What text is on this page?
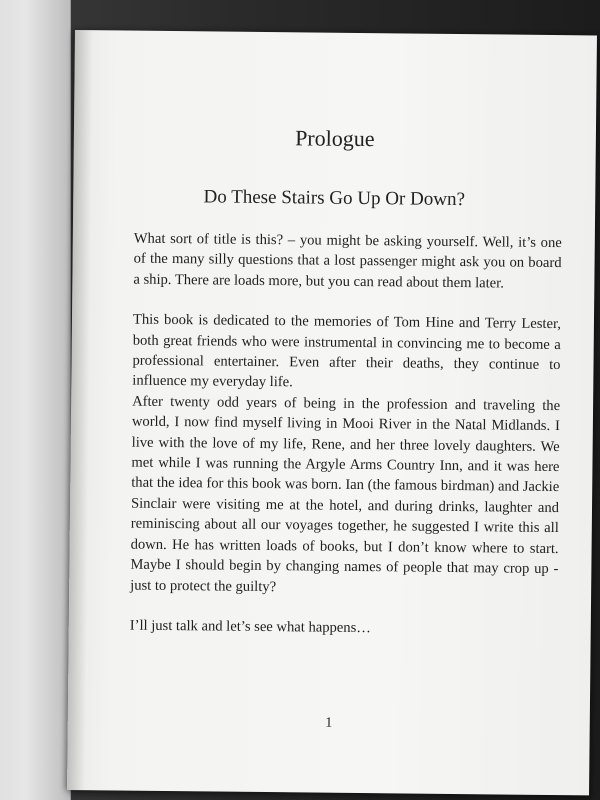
Prologue
Do These Stairs Go Up Or Down?

What sort of title is this? – you might be asking yourself. Well, it’s one of the many silly questions that a lost passenger might ask you on board a ship. There are loads more, but you can read about them later.

This book is dedicated to the memories of Tom Hine and Terry Lester, both great friends who were instrumental in convincing me to become a professional entertainer. Even after their deaths, they continue to influence my everyday life.

After twenty odd years of being in the profession and traveling the world, I now find myself living in Mooi River in the Natal Midlands. I live with the love of my life, Rene, and her three lovely daughters. We met while I was running the Argyle Arms Country Inn, and it was here that the idea for this book was born. Ian (the famous birdman) and Jackie Sinclair were visiting me at the hotel, and during drinks, laughter and reminiscing about all our voyages together, he suggested I write this all down. He has written loads of books, but I don’t know where to start. Maybe I should begin by changing names of people that may crop up - just to protect the guilty?

I’ll just talk and let’s see what happens…

1
